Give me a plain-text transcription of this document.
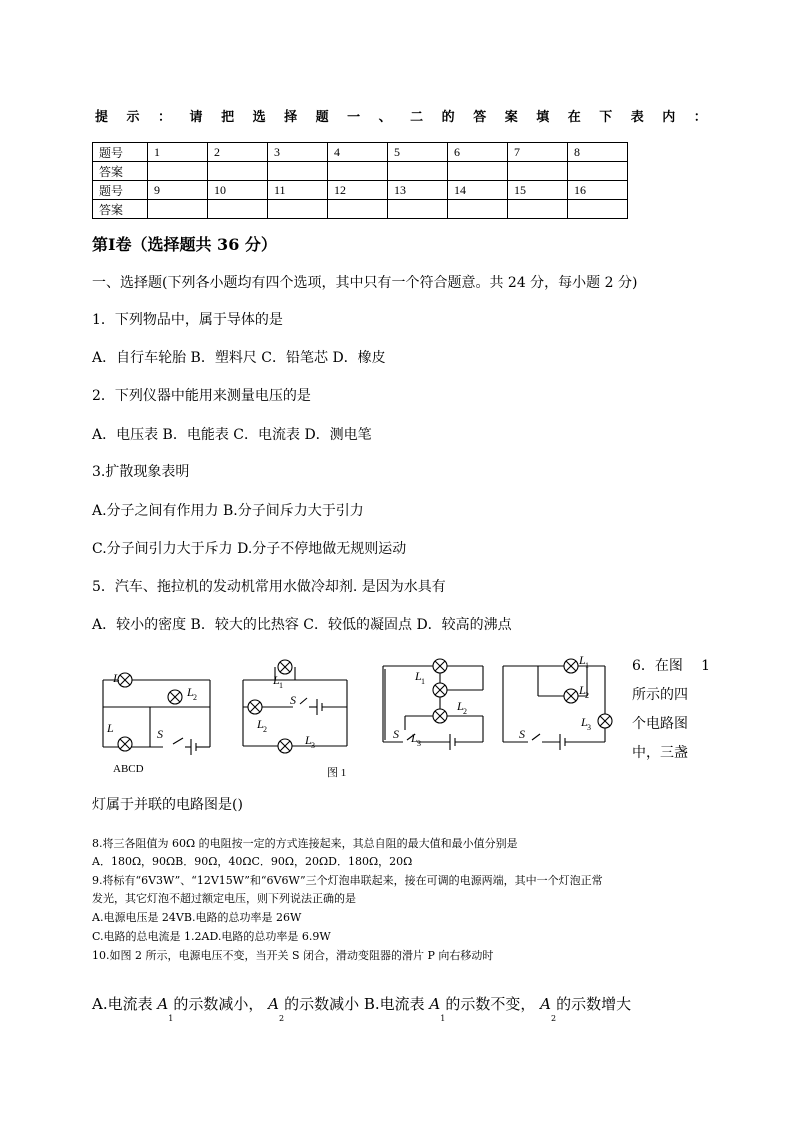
提 示 ： 请 把 选 择 题 一 、 二 的 答 案 填 在 下 表 内 ：
题号	1	2	3	4	5	6	7	8
答案								
题号	9	10	11	12	13	14	15	16
答案								
第Ⅰ卷（选择题共 36 分）
一、选择题(下列各小题均有四个选项，其中只有一个符合题意。共 24 分，每小题 2 分)
1．下列物品中，属于导体的是
A．自行车轮胎 B．塑料尺 C．铅笔芯 D．橡皮
2．下列仪器中能用来测量电压的是
A．电压表 B．电能表 C．电流表 D．测电笔
3.扩散现象表明
A.分子之间有作用力 B.分子间斥力大于引力
C.分子间引力大于斥力 D.分子不停地做无规则运动
5．汽车、拖拉机的发动机常用水做冷却剂. 是因为水具有
A．较小的密度 B．较大的比热容 C．较低的凝固点 D．较高的沸点
L
L 2
L	S
ABCD
L 1
S
L 2
L 3
图 1
L 1
L 2
S L 3
L 1
L 2
L 3
S
6．在图 1
所示的四
个电路图
中，三盏
灯属于并联的电路图是()
8.将三各阻值为 60Ω 的电阻按一定的方式连接起来，其总自阻的最大值和最小值分别是
A．180Ω，90ΩB．90Ω，40ΩC．90Ω，20ΩD．180Ω，20Ω
9.将标有“6V3W”、“12V15W”和“6V6W”三个灯泡串联起来，接在可调的电源两端，其中一个灯泡正常
发光，其它灯泡不超过额定电压，则下列说法正确的是
A.电源电压是 24VB.电路的总功率是 26W
C.电路的总电流是 1.2AD.电路的总功率是 6.9W
10.如图 2 所示，电源电压不变，当开关 S 闭合，滑动变阻器的滑片 P 向右移动时
A.电流表 $A_1$的示数减小， $A_2$的示数减小 B.电流表 $A_1$的示数不变， $A_2$的示数增大
